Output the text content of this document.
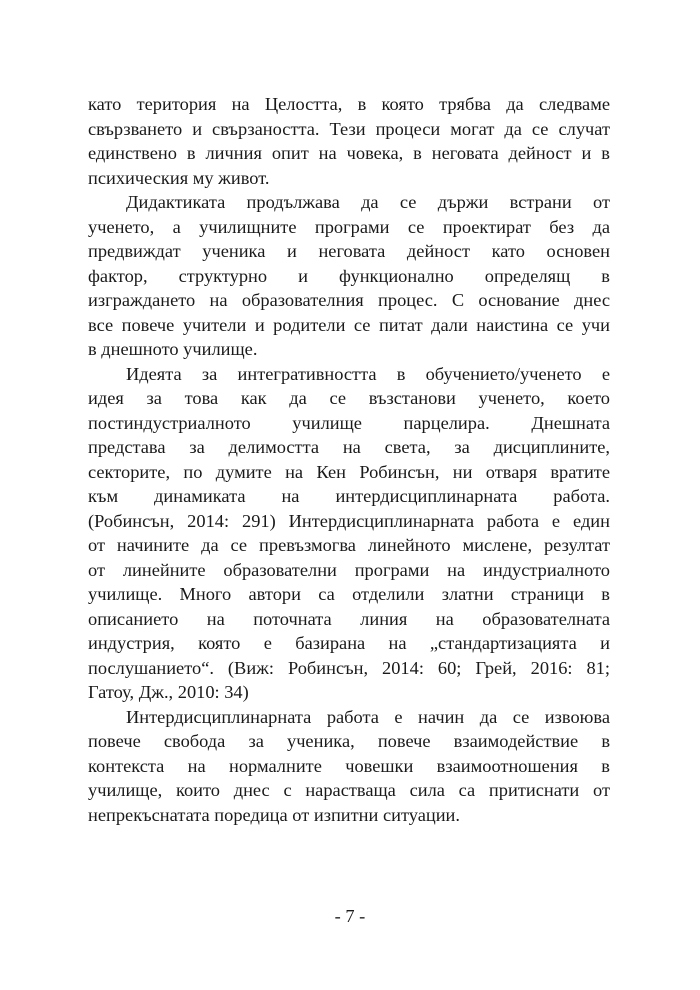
като територия на Целостта, в която трябва да следваме
свързването и свързаността. Тези процеси могат да се случат
единствено в личния опит на човека, в неговата дейност и в
психическия му живот.
Дидактиката продължава да се държи встрани от
ученето, а училищните програми се проектират без да
предвиждат ученика и неговата дейност като основен
фактор, структурно и функционално определящ в
изграждането на образователния процес. С основание днес
все повече учители и родители се питат дали наистина се учи
в днешното училище.
Идеята за интегративността в обучението/ученето е
идея за това как да се възстанови ученето, което
постиндустриалното училище парцелира. Днешната
представа за делимостта на света, за дисциплините,
секторите, по думите на Кен Робинсън, ни отваря вратите
към динамиката на интердисциплинарната работа.
(Робинсън, 2014: 291) Интердисциплинарната работа е един
от начините да се превъзмогва линейното мислене, резултат
от линейните образователни програми на индустриалното
училище. Много автори са отделили златни страници в
описанието на поточната линия на образователната
индустрия, която е базирана на „стандартизацията и
послушанието“. (Виж: Робинсън, 2014: 60; Грей, 2016: 81;
Гатоу, Дж., 2010: 34)
Интердисциплинарната работа е начин да се извоюва
повече свобода за ученика, повече взаимодействие в
контекста на нормалните човешки взаимоотношения в
училище, които днес с нарастваща сила са притиснати от
непрекъснатата поредица от изпитни ситуации.
- 7 -
